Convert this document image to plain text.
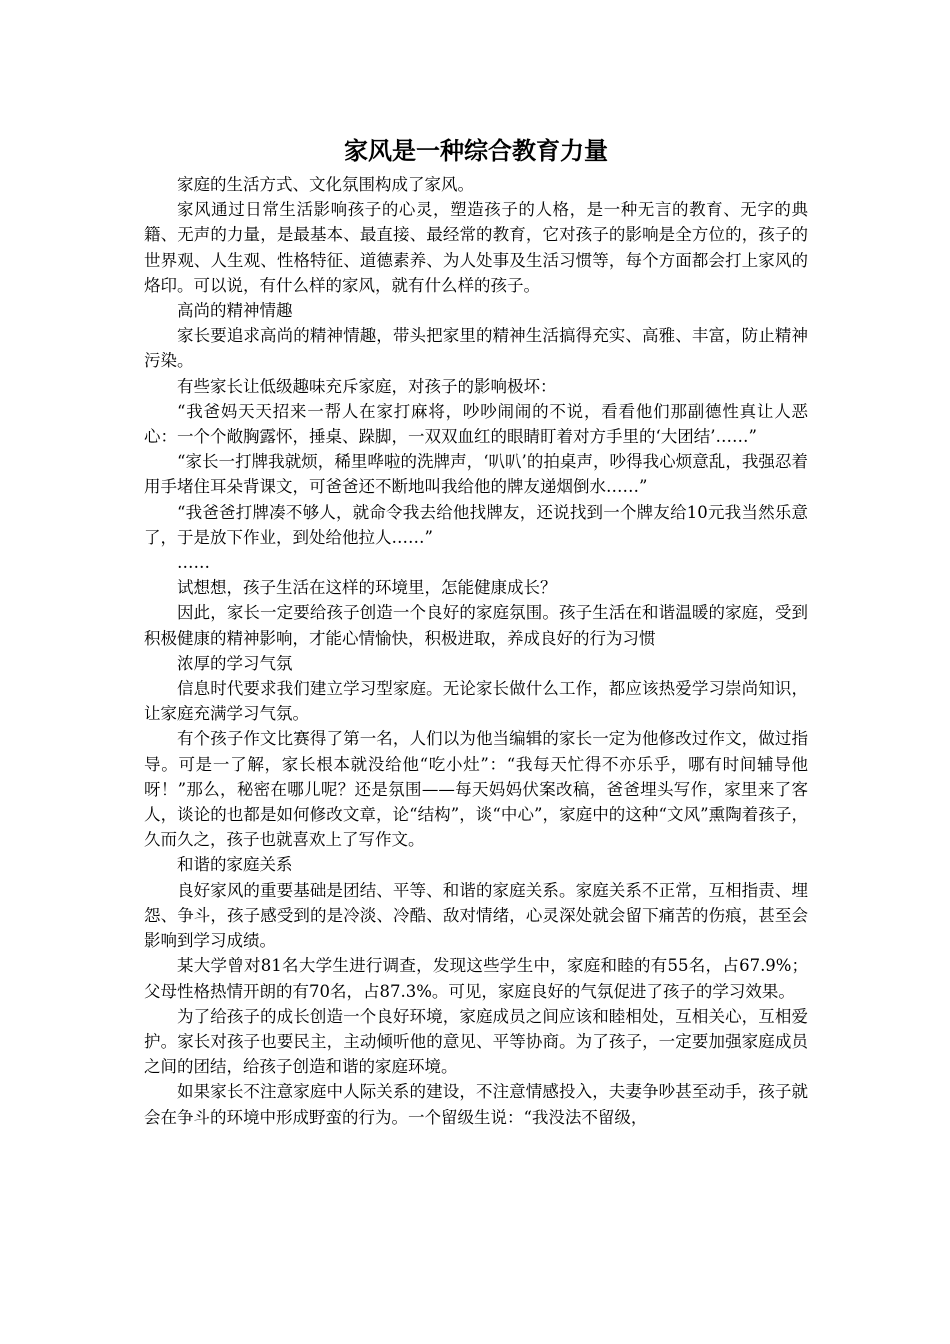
家风是一种综合教育力量

家庭的生活方式、文化氛围构成了家风。

家风通过日常生活影响孩子的心灵，塑造孩子的人格，是一种无言的教育、无字的典籍、无声的力量，是最基本、最直接、最经常的教育，它对孩子的影响是全方位的，孩子的世界观、人生观、性格特征、道德素养、为人处事及生活习惯等，每个方面都会打上家风的烙印。可以说，有什么样的家风，就有什么样的孩子。

高尚的精神情趣

家长要追求高尚的精神情趣，带头把家里的精神生活搞得充实、高雅、丰富，防止精神污染。

有些家长让低级趣味充斥家庭，对孩子的影响极坏：

“我爸妈天天招来一帮人在家打麻将，吵吵闹闹的不说，看看他们那副德性真让人恶心：一个个敞胸露怀，捶桌、跺脚，一双双血红的眼睛盯着对方手里的‘大团结’……”

“家长一打牌我就烦，稀里哗啦的洗牌声，‘叭叭’的拍桌声，吵得我心烦意乱，我强忍着用手堵住耳朵背课文，可爸爸还不断地叫我给他的牌友递烟倒水……”

“我爸爸打牌凑不够人，就命令我去给他找牌友，还说找到一个牌友给10元我当然乐意了，于是放下作业，到处给他拉人……”

……

试想想，孩子生活在这样的环境里，怎能健康成长？

因此，家长一定要给孩子创造一个良好的家庭氛围。孩子生活在和谐温暖的家庭，受到积极健康的精神影响，才能心情愉快，积极进取，养成良好的行为习惯

浓厚的学习气氛

信息时代要求我们建立学习型家庭。无论家长做什么工作，都应该热爱学习崇尚知识，让家庭充满学习气氛。

有个孩子作文比赛得了第一名，人们以为他当编辑的家长一定为他修改过作文，做过指导。可是一了解，家长根本就没给他“吃小灶”：“我每天忙得不亦乐乎，哪有时间辅导他呀！”那么，秘密在哪儿呢？还是氛围——每天妈妈伏案改稿，爸爸埋头写作，家里来了客人，谈论的也都是如何修改文章，论“结构”，谈“中心”，家庭中的这种“文风”熏陶着孩子，久而久之，孩子也就喜欢上了写作文。

和谐的家庭关系

良好家风的重要基础是团结、平等、和谐的家庭关系。家庭关系不正常，互相指责、埋怨、争斗，孩子感受到的是冷淡、冷酷、敌对情绪，心灵深处就会留下痛苦的伤痕，甚至会影响到学习成绩。

某大学曾对81名大学生进行调查，发现这些学生中，家庭和睦的有55名，占67.9%；父母性格热情开朗的有70名，占87.3%。可见，家庭良好的气氛促进了孩子的学习效果。

为了给孩子的成长创造一个良好环境，家庭成员之间应该和睦相处，互相关心，互相爱护。家长对孩子也要民主，主动倾听他的意见、平等协商。为了孩子，一定要加强家庭成员之间的团结，给孩子创造和谐的家庭环境。

如果家长不注意家庭中人际关系的建设，不注意情感投入，夫妻争吵甚至动手，孩子就会在争斗的环境中形成野蛮的行为。一个留级生说：“我没法不留级，
